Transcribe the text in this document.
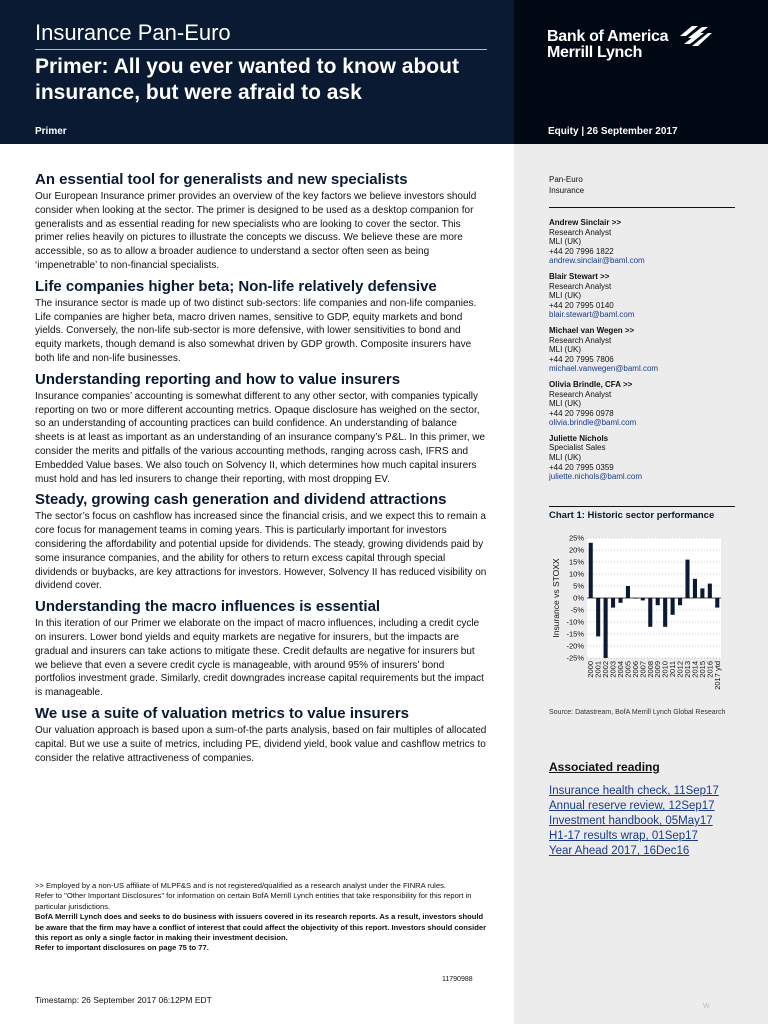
Insurance Pan-Euro
Primer: All you ever wanted to know about insurance, but were afraid to ask
Primer
Bank of America
Merrill Lynch
Equity | 26 September 2017
Pan-Euro
Insurance
Andrew Sinclair >>
Research Analyst
MLI (UK)
+44 20 7996 1822
andrew.sinclair@baml.com
Blair Stewart >>
Research Analyst
MLI (UK)
+44 20 7995 0140
blair.stewart@baml.com
Michael van Wegen >>
Research Analyst
MLI (UK)
+44 20 7995 7806
michael.vanwegen@baml.com
Olivia Brindle, CFA >>
Research Analyst
MLI (UK)
+44 20 7996 0978
olivia.brindle@baml.com
Juliette Nichols
Specialist Sales
MLI (UK)
+44 20 7995 0359
juliette.nichols@baml.com
Chart 1: Historic sector performance
25%
20%
15%
10%
5%
0%
-5%
-10%
-15%
-20%
-25%
Insurance vs STOXX
2000
2001
2002
2003
2004
2005
2006
2007
2008
2009
2010
2011
2012
2013
2014
2015
2016
2017 ytd
Source: Datastream, BofA Merrill Lynch Global Research
Associated reading
Insurance health check, 11Sep17
Annual reserve review, 12Sep17
Investment handbook, 05May17
H1-17 results wrap, 01Sep17
Year Ahead 2017, 16Dec16
An essential tool for generalists and new specialists

Our European Insurance primer provides an overview of the key factors we believe investors should consider when looking at the sector. The primer is designed to be used as a desktop companion for generalists and as essential reading for new specialists who are looking to cover the sector. This primer relies heavily on pictures to illustrate the concepts we discuss. We believe these are more accessible, so as to allow a broader audience to understand a sector often seen as being ‘impenetrable’ to non-financial specialists.

Life companies higher beta; Non-life relatively defensive

The insurance sector is made up of two distinct sub-sectors: life companies and non-life companies. Life companies are higher beta, macro driven names, sensitive to GDP, equity markets and bond yields. Conversely, the non-life sub-sector is more defensive, with lower sensitivities to bond and equity markets, though demand is also somewhat driven by GDP growth. Composite insurers have both life and non-life businesses.

Understanding reporting and how to value insurers

Insurance companies’ accounting is somewhat different to any other sector, with companies typically reporting on two or more different accounting metrics. Opaque disclosure has weighed on the sector, so an understanding of accounting practices can build confidence. An understanding of balance sheets is at least as important as an understanding of an insurance company’s P&L. In this primer, we consider the merits and pitfalls of the various accounting methods, ranging across cash, IFRS and Embedded Value bases. We also touch on Solvency II, which determines how much capital insurers must hold and has led insurers to change their reporting, with most dropping EV.

Steady, growing cash generation and dividend attractions

The sector’s focus on cashflow has increased since the financial crisis, and we expect this to remain a core focus for management teams in coming years. This is particularly important for investors considering the affordability and potential upside for dividends. The steady, growing dividends paid by some insurance companies, and the ability for others to return excess capital through special dividends or buybacks, are key attractions for investors. However, Solvency II has reduced visibility on dividend cover.

Understanding the macro influences is essential

In this iteration of our Primer we elaborate on the impact of macro influences, including a credit cycle on insurers. Lower bond yields and equity markets are negative for insurers, but the impacts are gradual and insurers can take actions to mitigate these. Credit defaults are negative for insurers but we believe that even a severe credit cycle is manageable, with around 95% of insurers’ bond portfolios investment grade. Similarly, credit downgrades increase capital requirements but the impact is manageable.

We use a suite of valuation metrics to value insurers

Our valuation approach is based upon a sum-of-the parts analysis, based on fair multiples of allocated capital. But we use a suite of metrics, including PE, dividend yield, book value and cashflow metrics to consider the relative attractiveness of companies.

>> Employed by a non-US affiliate of MLPF&S and is not registered/qualified as a research analyst under the FINRA rules.
Refer to "Other Important Disclosures" for information on certain BofA Merrill Lynch entities that take responsibility for this report in particular jurisdictions.
BofA Merrill Lynch does and seeks to do business with issuers covered in its research reports. As a result, investors should be aware that the firm may have a conflict of interest that could affect the objectivity of this report. Investors should consider this report as only a single factor in making their investment decision.
Refer to important disclosures on page 75 to 77.
11790988
Timestamp: 26 September 2017 06:12PM EDT
W
